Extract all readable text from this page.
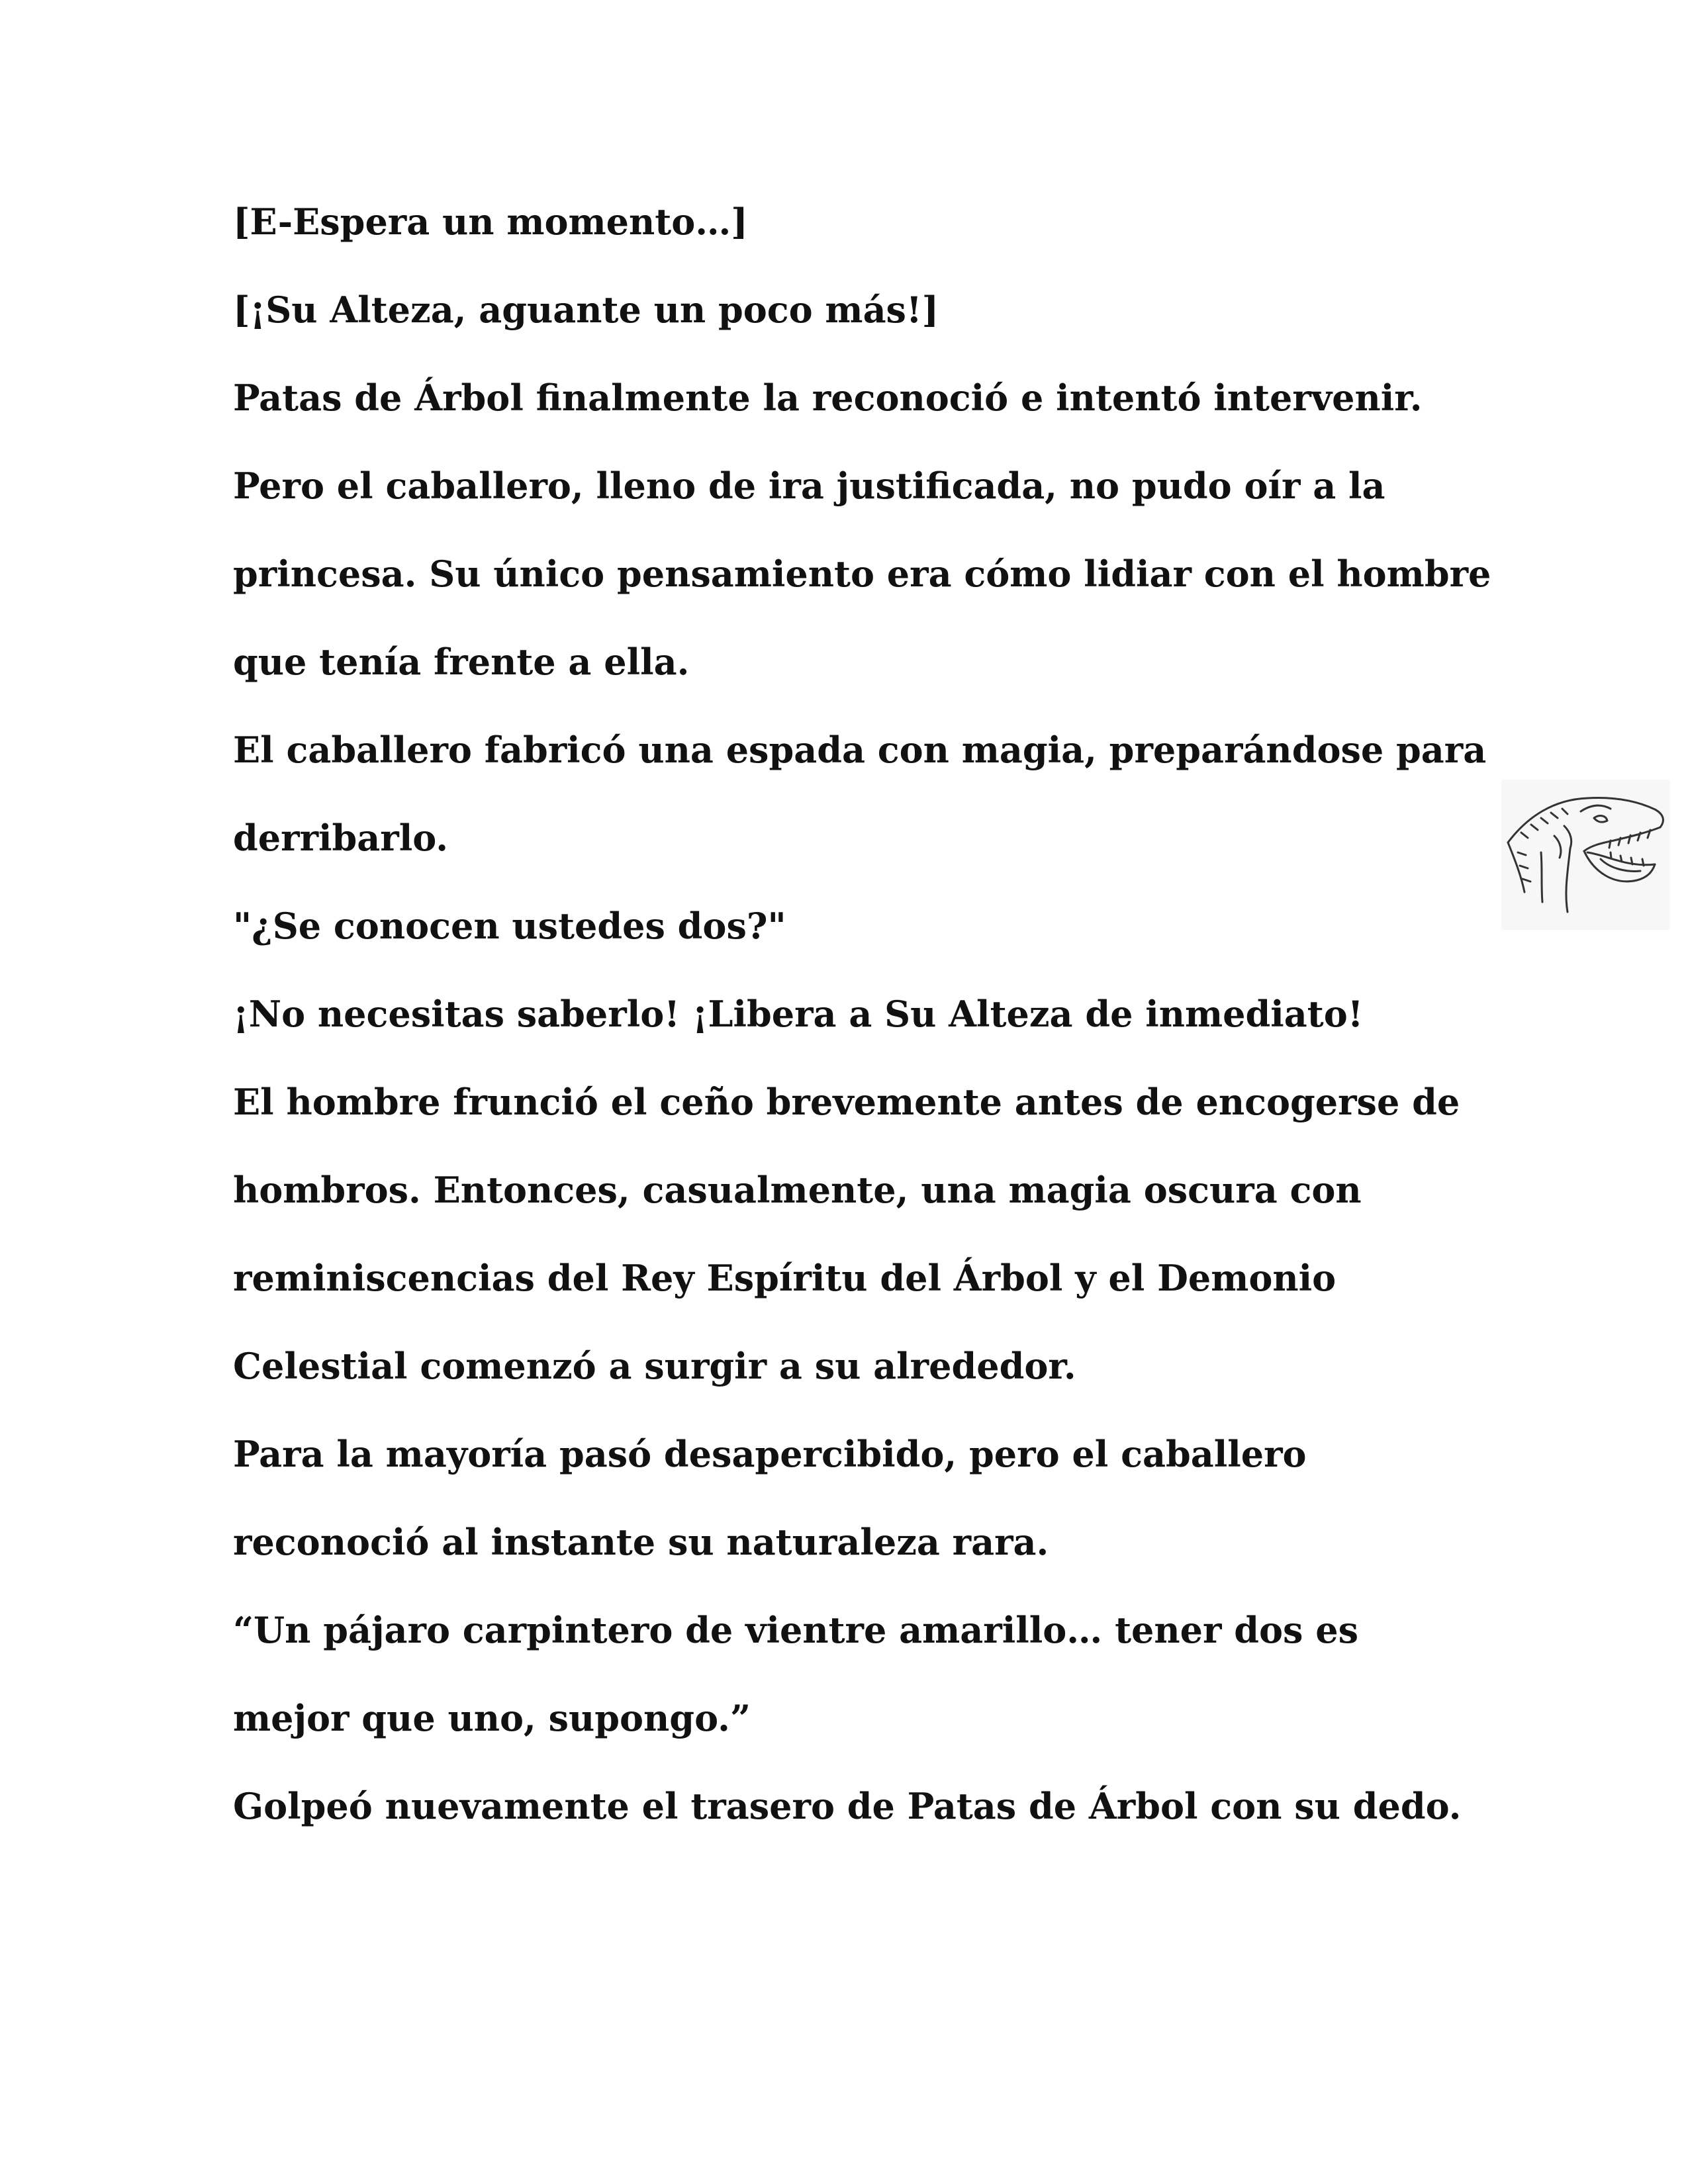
[E-Espera un momento…]
[¡Su Alteza, aguante un poco más!]
Patas de Árbol finalmente la reconoció e intentó intervenir.
Pero el caballero, lleno de ira justificada, no pudo oír a la
princesa. Su único pensamiento era cómo lidiar con el hombre
que tenía frente a ella.
El caballero fabricó una espada con magia, preparándose para
derribarlo.
"¿Se conocen ustedes dos?"
¡No necesitas saberlo! ¡Libera a Su Alteza de inmediato!
El hombre frunció el ceño brevemente antes de encogerse de
hombros. Entonces, casualmente, una magia oscura con
reminiscencias del Rey Espíritu del Árbol y el Demonio
Celestial comenzó a surgir a su alrededor.
Para la mayoría pasó desapercibido, pero el caballero
reconoció al instante su naturaleza rara.
“Un pájaro carpintero de vientre amarillo… tener dos es
mejor que uno, supongo.”
Golpeó nuevamente el trasero de Patas de Árbol con su dedo.
